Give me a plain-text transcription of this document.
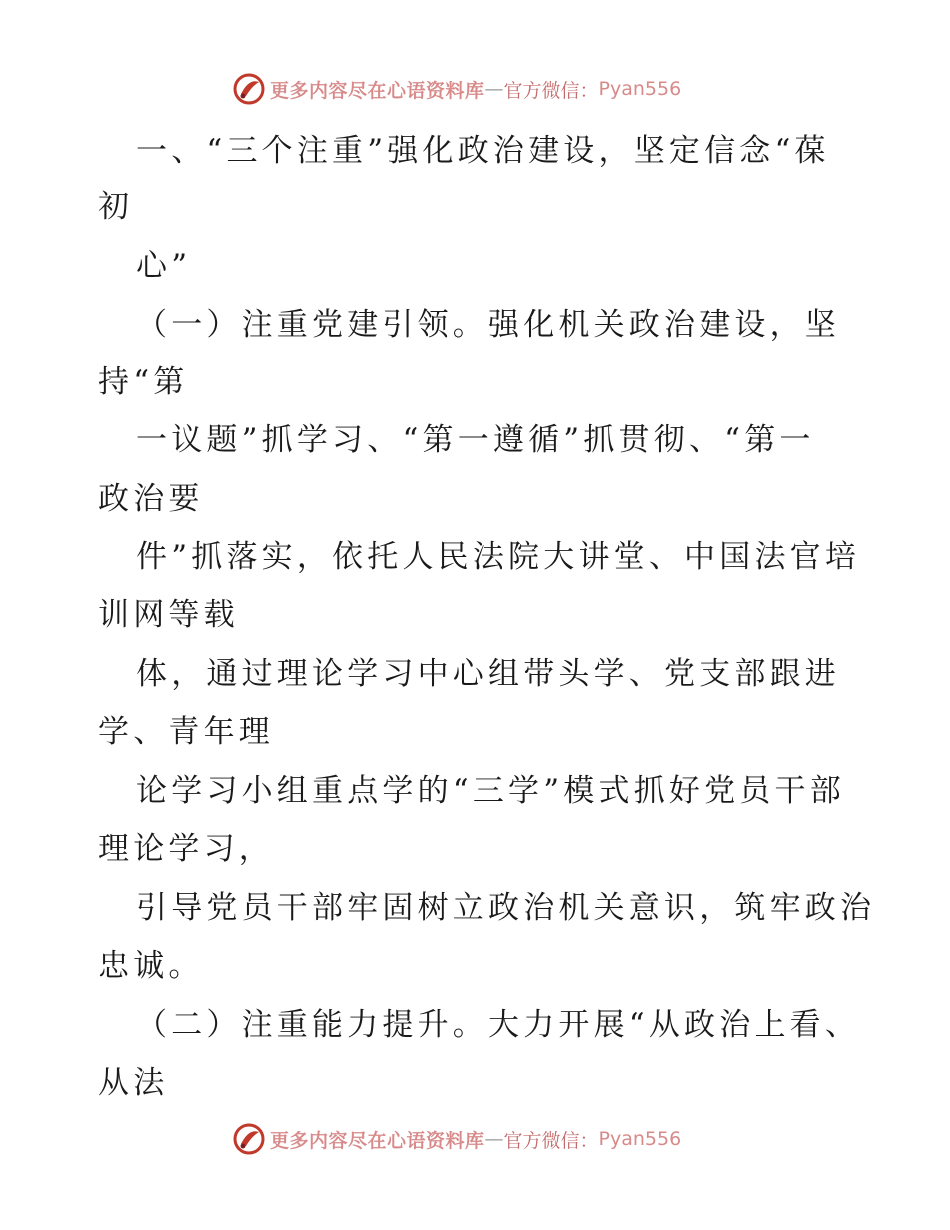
更多内容尽在心语资料库 — 官方微信： Pyan556
一、“三个注重”强化政治建设，坚定信念“葆
初
心”
（一）注重党建引领。强化机关政治建设，坚
持“第
一议题”抓学习、“第一遵循”抓贯彻、“第一
政治要
件”抓落实，依托人民法院大讲堂、中国法官培
训网等载
体，通过理论学习中心组带头学、党支部跟进
学、青年理
论学习小组重点学的“三学”模式抓好党员干部
理论学习，
引导党员干部牢固树立政治机关意识，筑牢政治
忠诚。
（二）注重能力提升。大力开展“从政治上看、
从法
更多内容尽在心语资料库 — 官方微信： Pyan556
